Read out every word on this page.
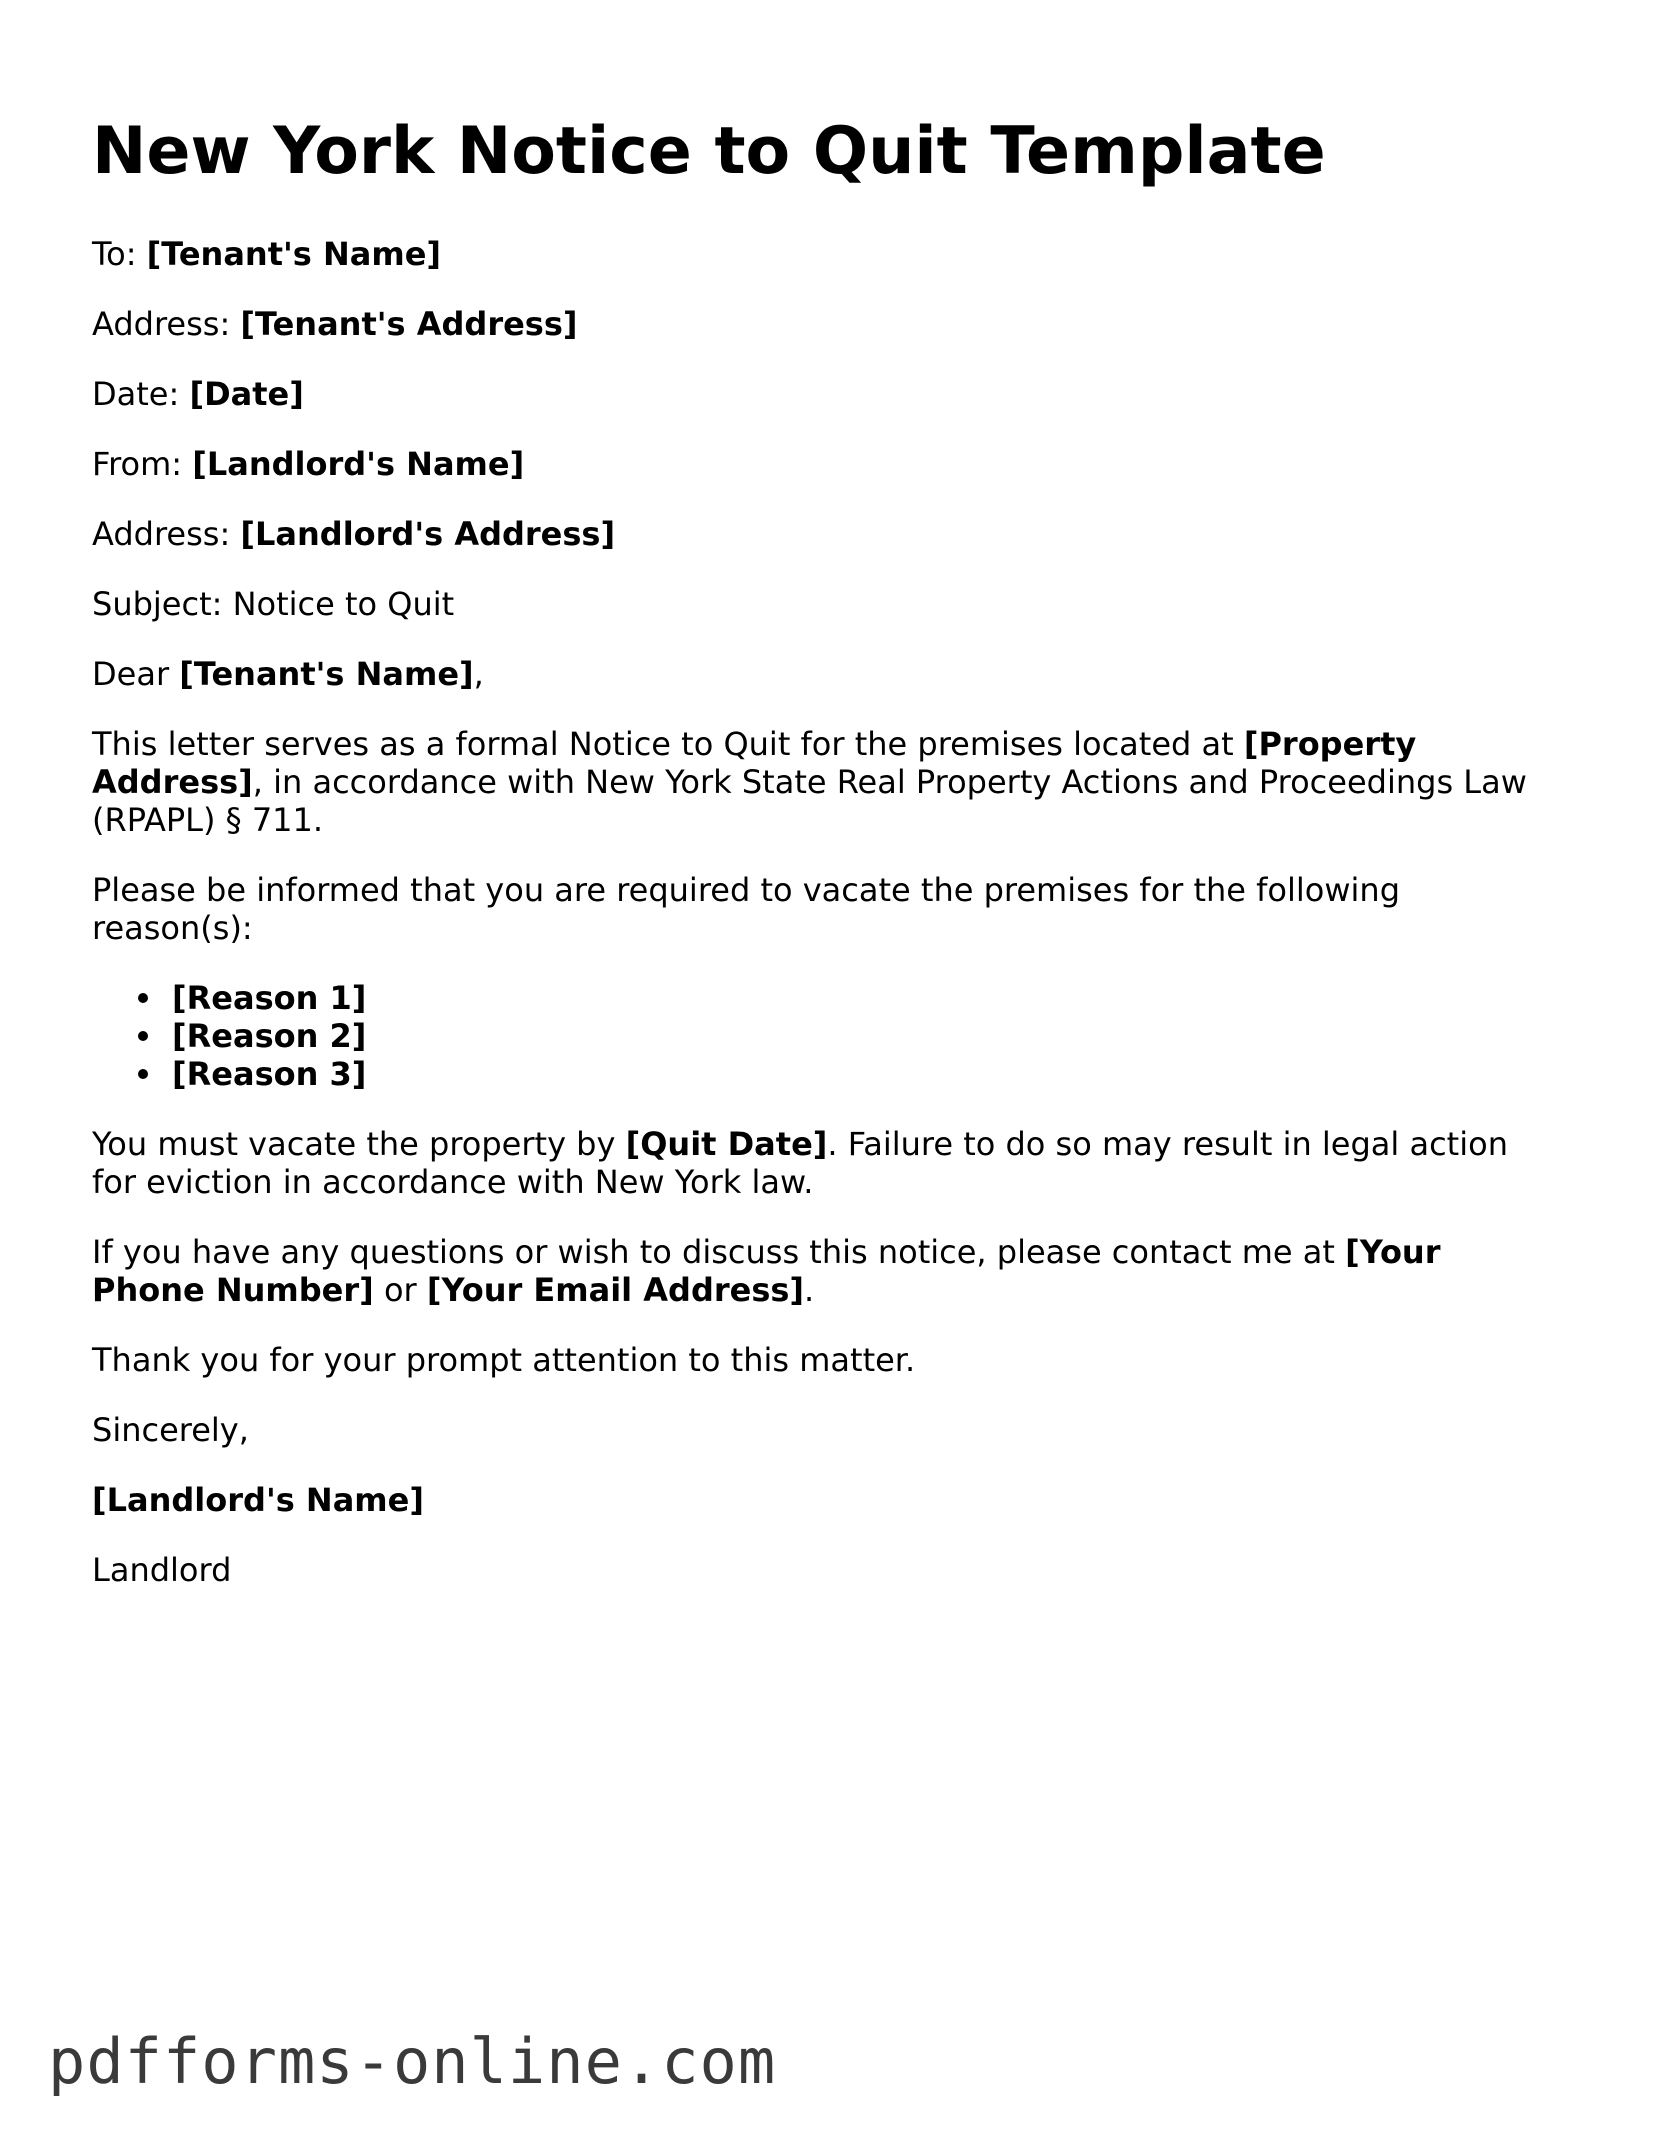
New York Notice to Quit Template

To: [Tenant's Name]

Address: [Tenant's Address]

Date: [Date]

From: [Landlord's Name]

Address: [Landlord's Address]

Subject: Notice to Quit

Dear [Tenant's Name],

This letter serves as a formal Notice to Quit for the premises located at [Property
Address], in accordance with New York State Real Property Actions and Proceedings Law
(RPAPL) § 711.

Please be informed that you are required to vacate the premises for the following
reason(s):

[Reason 1]
[Reason 2]
[Reason 3]

You must vacate the property by [Quit Date]. Failure to do so may result in legal action
for eviction in accordance with New York law.

If you have any questions or wish to discuss this notice, please contact me at [Your
Phone Number] or [Your Email Address].

Thank you for your prompt attention to this matter.

Sincerely,

[Landlord's Name]

Landlord

pdfforms-online.com
